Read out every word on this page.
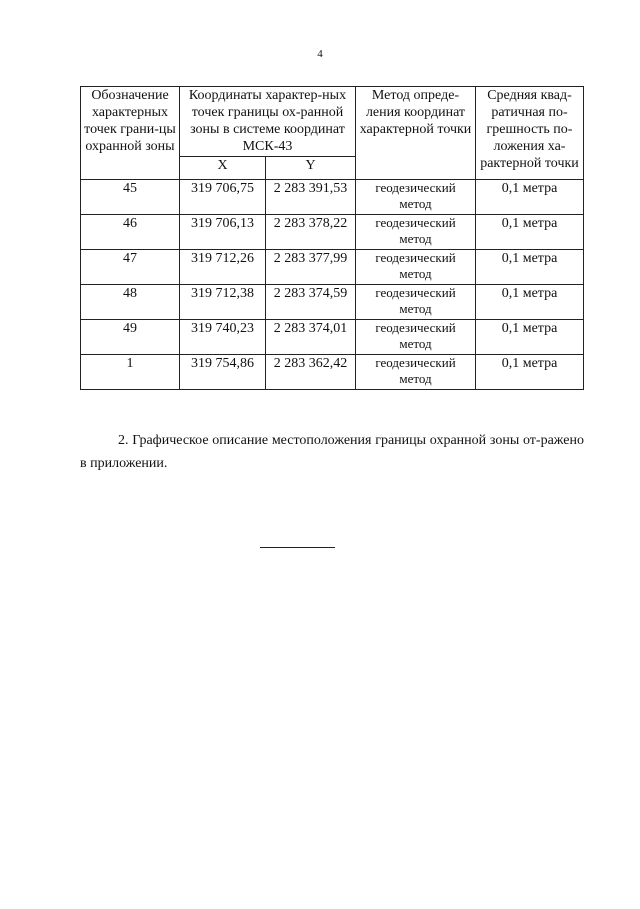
4
Обозначение характерных точек грани-цы охранной зоны	Координаты характер-ных точек границы ох-ранной зоны в системе координат МСК-43		Метод опреде-ления координат характерной точки	Средняя квад-ратичная по-грешность по-ложения ха-рактерной точки
	X	Y		
45	319 706,75	2 283 391,53	геодезический метод	0,1 метра
46	319 706,13	2 283 378,22	геодезический метод	0,1 метра
47	319 712,26	2 283 377,99	геодезический метод	0,1 метра
48	319 712,38	2 283 374,59	геодезический метод	0,1 метра
49	319 740,23	2 283 374,01	геодезический метод	0,1 метра
1	319 754,86	2 283 362,42	геодезический метод	0,1 метра

2. Графическое описание местоположения границы охранной зоны от-ражено в приложении.
